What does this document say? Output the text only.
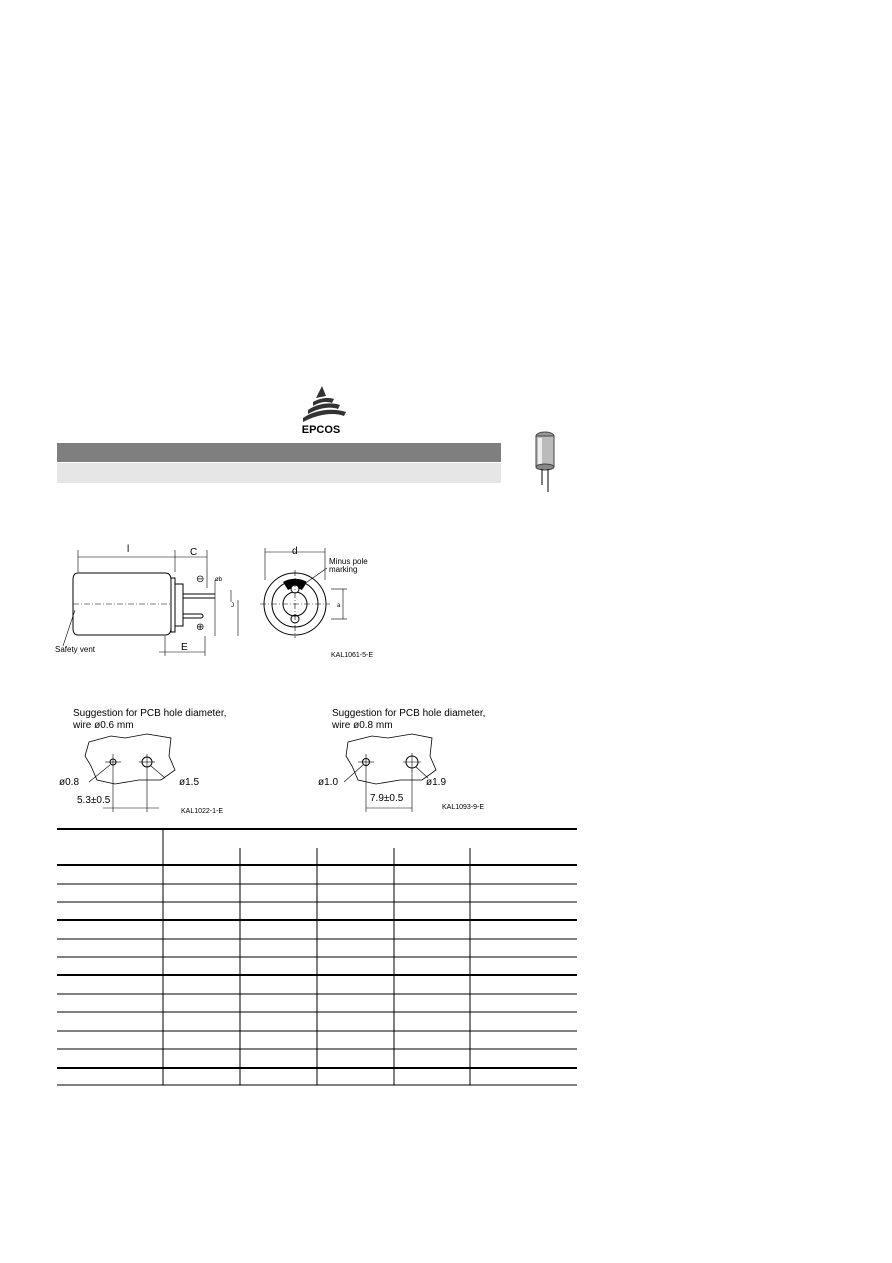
EPCOS
l	C	d
øb
J
E
a
⊖
⊕
Minus pole
marking
Safety vent
KAL1061-5-E
Suggestion for PCB hole diameter,
wire ø0.6 mm
ø0.8	ø1.5
5.3±0.5
KAL1022-1-E
Suggestion for PCB hole diameter,
wire ø0.8 mm
ø1.0	ø1.9
7.9±0.5
KAL1093-9-E
